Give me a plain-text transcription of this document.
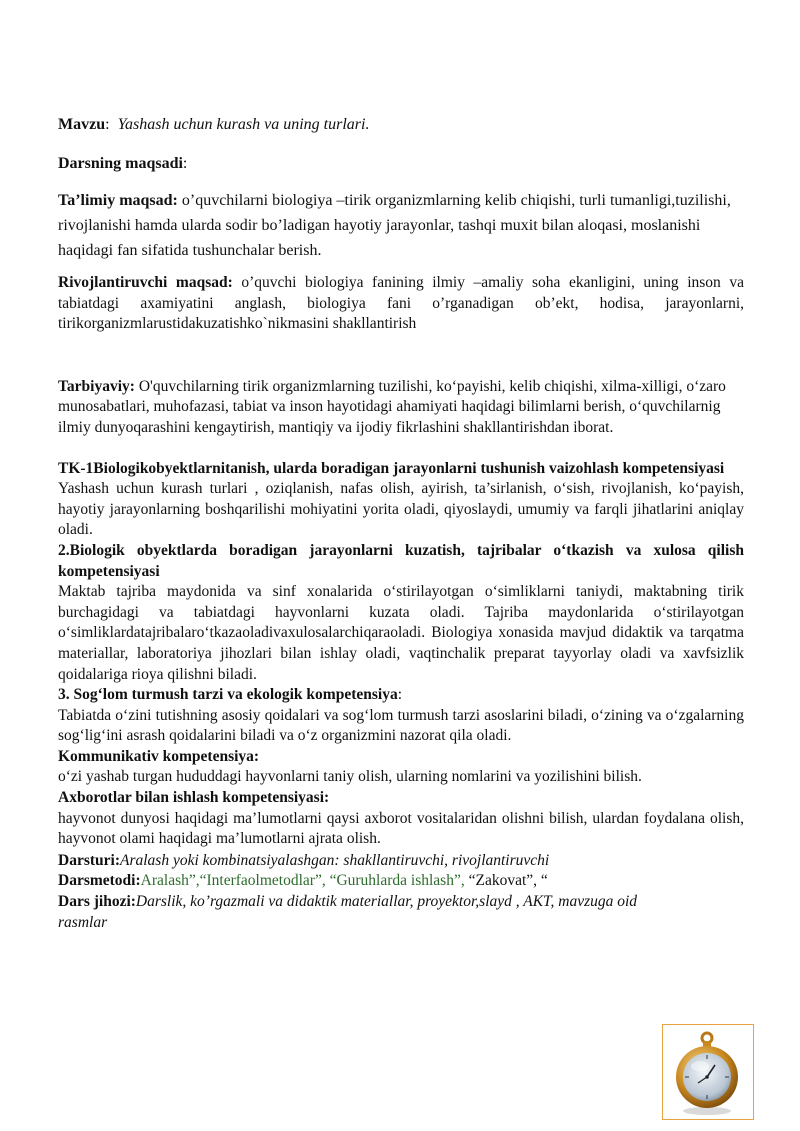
Mavzu:  Yashash uchun kurash va uning turlari.

Darsning maqsadi:

Ta’limiy maqsad: o’quvchilarni biologiya –tirik organizmlarning kelib chiqishi, turli tumanligi,tuzilishi, rivojlanishi hamda ularda sodir bo’ladigan hayotiy jarayonlar, tashqi muxit bilan aloqasi, moslanishi haqidagi fan sifatida tushunchalar berish.

Rivojlantiruvchi maqsad: o’quvchi biologiya fanining ilmiy –amaliy soha ekanligini, uning inson va tabiatdagi axamiyatini anglash, biologiya fani o’rganadigan ob’ekt, hodisa, jarayonlarni, tirikorganizmlarustidakuzatishko`nikmasini shakllantirish

Tarbiyaviy: O'quvchilarning tirik organizmlarning tuzilishi, ko‘payishi, kelib chiqishi, xilma-xilligi, o‘zaro munosabatlari, muhofazasi, tabiat va inson hayotidagi ahamiyati haqidagi bilimlarni berish, o‘quvchilarnig ilmiy dunyoqarashini kengaytirish, mantiqiy va ijodiy fikrlashini shakllantirishdan iborat.

TK-1Biologikobyektlarnitanish, ularda boradigan jarayonlarni tushunish vaizohlash kompetensiyasi

Yashash uchun kurash turlari , oziqlanish, nafas olish, ayirish, ta’sirlanish, o‘sish, rivojlanish, ko‘payish, hayotiy jarayonlarning boshqarilishi mohiyatini yorita oladi, qiyoslaydi, umumiy va farqli jihatlarini aniqlay oladi.

2.Biologik obyektlarda boradigan jarayonlarni kuzatish, tajribalar o‘tkazish va xulosa qilish kompetensiyasi

Maktab tajriba maydonida va sinf xonalarida o‘stirilayotgan o‘simliklarni taniydi, maktabning tirik burchagidagi va tabiatdagi hayvonlarni kuzata oladi. Tajriba maydonlarida o‘stirilayotgan o‘simliklardatajribalaro‘tkazaoladivaxulosalarchiqaraoladi. Biologiya xonasida mavjud didaktik va tarqatma materiallar, laboratoriya jihozlari bilan ishlay oladi, vaqtinchalik preparat tayyorlay oladi va xavfsizlik qoidalariga rioya qilishni biladi.

3. Sog‘lom turmush tarzi va ekologik kompetensiya:

Tabiatda o‘zini tutishning asosiy qoidalari va sog‘lom turmush tarzi asoslarini biladi, o‘zining va o‘zgalarning sog‘lig‘ini asrash qoidalarini biladi va o‘z organizmini nazorat qila oladi.

Kommunikativ kompetensiya:

o‘zi yashab turgan hududdagi hayvonlarni taniy olish, ularning nomlarini va yozilishini bilish.

Axborotlar bilan ishlash kompetensiyasi:

hayvonot dunyosi haqidagi ma’lumotlarni qaysi axborot vositalaridan olishni bilish, ulardan foydalana olish, hayvonot olami haqidagi ma’lumotlarni ajrata olish.

Darsturi:Aralash yoki kombinatsiyalashgan: shakllantiruvchi, rivojlantiruvchi

Darsmetodi:Aralash”,“Interfaolmetodlar”, “Guruhlarda ishlash”, “Zakovat”, “

Dars jihozi:Darslik, ko’rgazmali va didaktik materiallar, proyektor,slayd , AKT, mavzuga oid rasmlar
